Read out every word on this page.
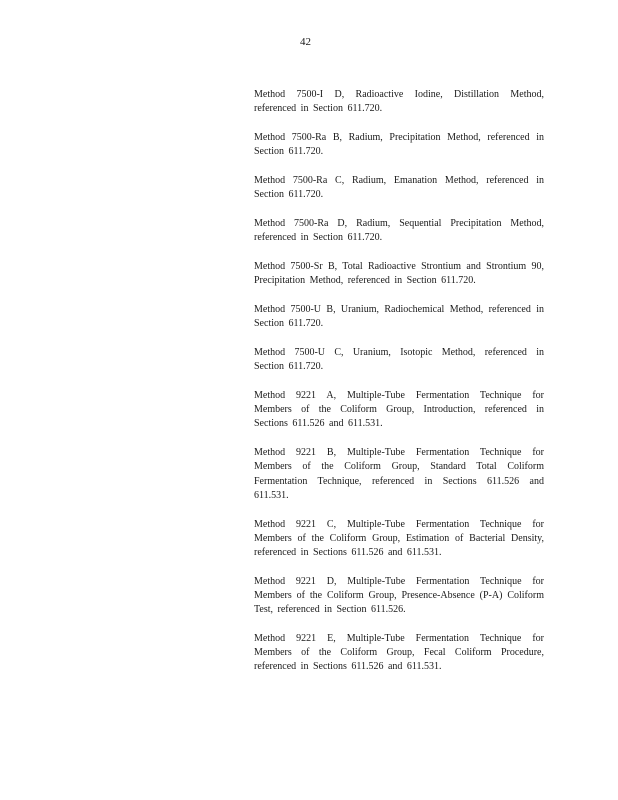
42

Method 7500-I D, Radioactive Iodine, Distillation Method, referenced in Section 611.720.

Method 7500-Ra B, Radium, Precipitation Method, referenced in Section 611.720.

Method 7500-Ra C, Radium, Emanation Method, referenced in Section 611.720.

Method 7500-Ra D, Radium, Sequential Precipitation Method, referenced in Section 611.720.

Method 7500-Sr B, Total Radioactive Strontium and Strontium 90, Precipitation Method, referenced in Section 611.720.

Method 7500-U B, Uranium, Radiochemical Method, referenced in Section 611.720.

Method 7500-U C, Uranium, Isotopic Method, referenced in Section 611.720.

Method 9221 A, Multiple-Tube Fermentation Technique for Members of the Coliform Group, Introduction, referenced in Sections 611.526 and 611.531.

Method 9221 B, Multiple-Tube Fermentation Technique for Members of the Coliform Group, Standard Total Coliform Fermentation Technique, referenced in Sections 611.526 and 611.531.

Method 9221 C, Multiple-Tube Fermentation Technique for Members of the Coliform Group, Estimation of Bacterial Density, referenced in Sections 611.526 and 611.531.

Method 9221 D, Multiple-Tube Fermentation Technique for Members of the Coliform Group, Presence-Absence (P-A) Coliform Test, referenced in Section 611.526.

Method 9221 E, Multiple-Tube Fermentation Technique for Members of the Coliform Group, Fecal Coliform Procedure, referenced in Sections 611.526 and 611.531.
